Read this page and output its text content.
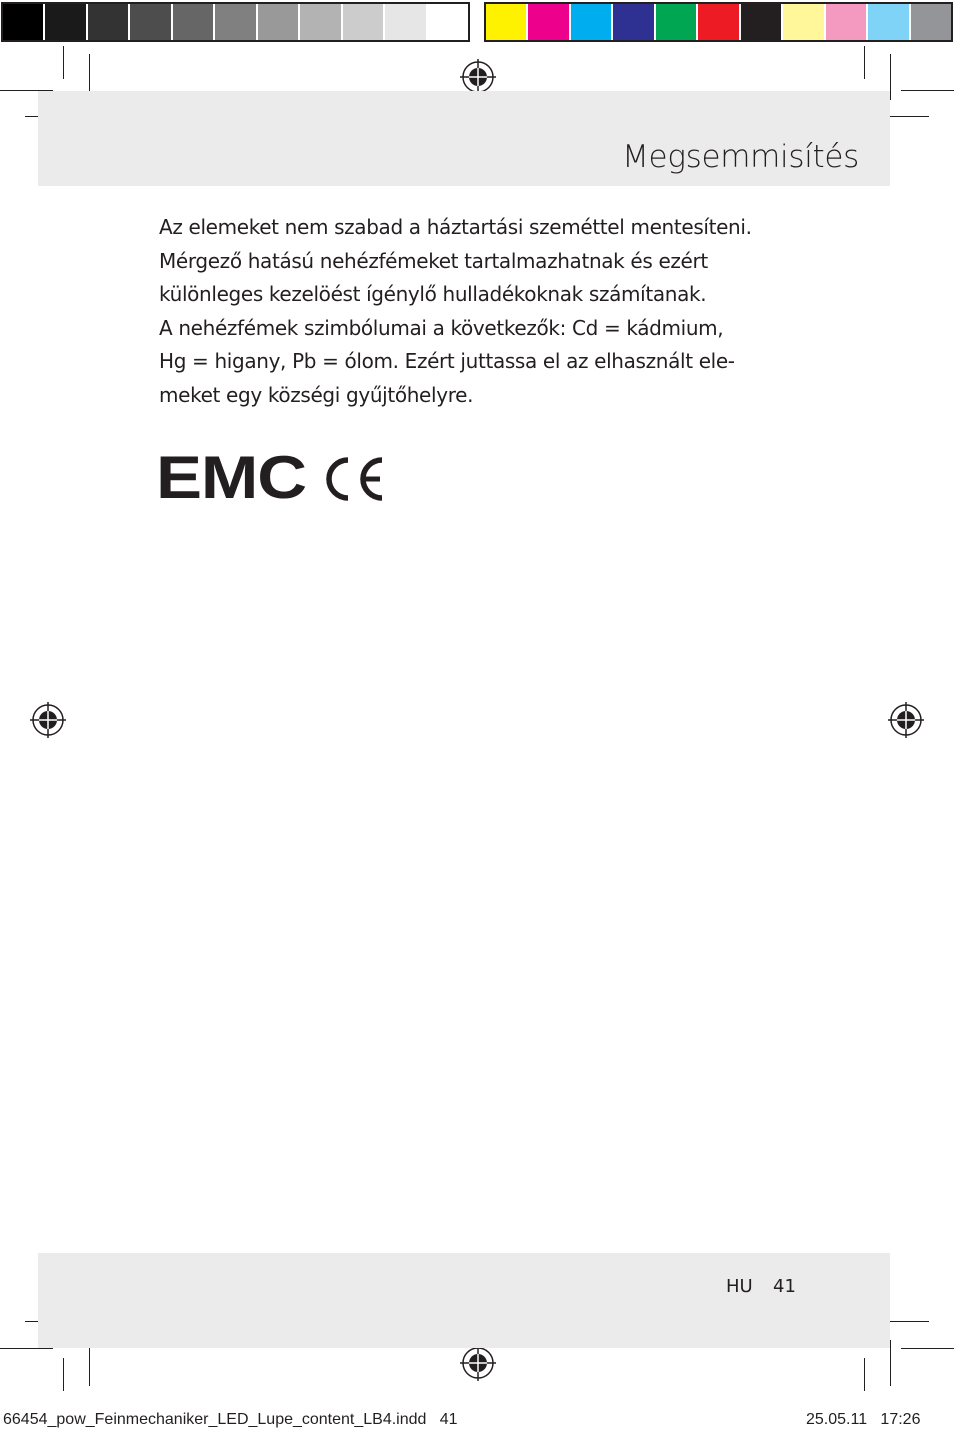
Megsemmisítés
Az elemeket nem szabad a háztartási szeméttel mentesíteni.
Mérgező hatású nehézfémeket tartalmazhatnak és ezért
különleges kezelöést ígénylő hulladékoknak számítanak.
A nehézfémek szimbólumai a következők: Cd = kádmium,
Hg = higany, Pb = ólom. Ezért juttassa el az elhasznált ele-
meket egy községi gyűjtőhelyre.
EMC
HU 41
66454_pow_Feinmechaniker_LED_Lupe_content_LB4.indd   41	25.05.11   17:26
